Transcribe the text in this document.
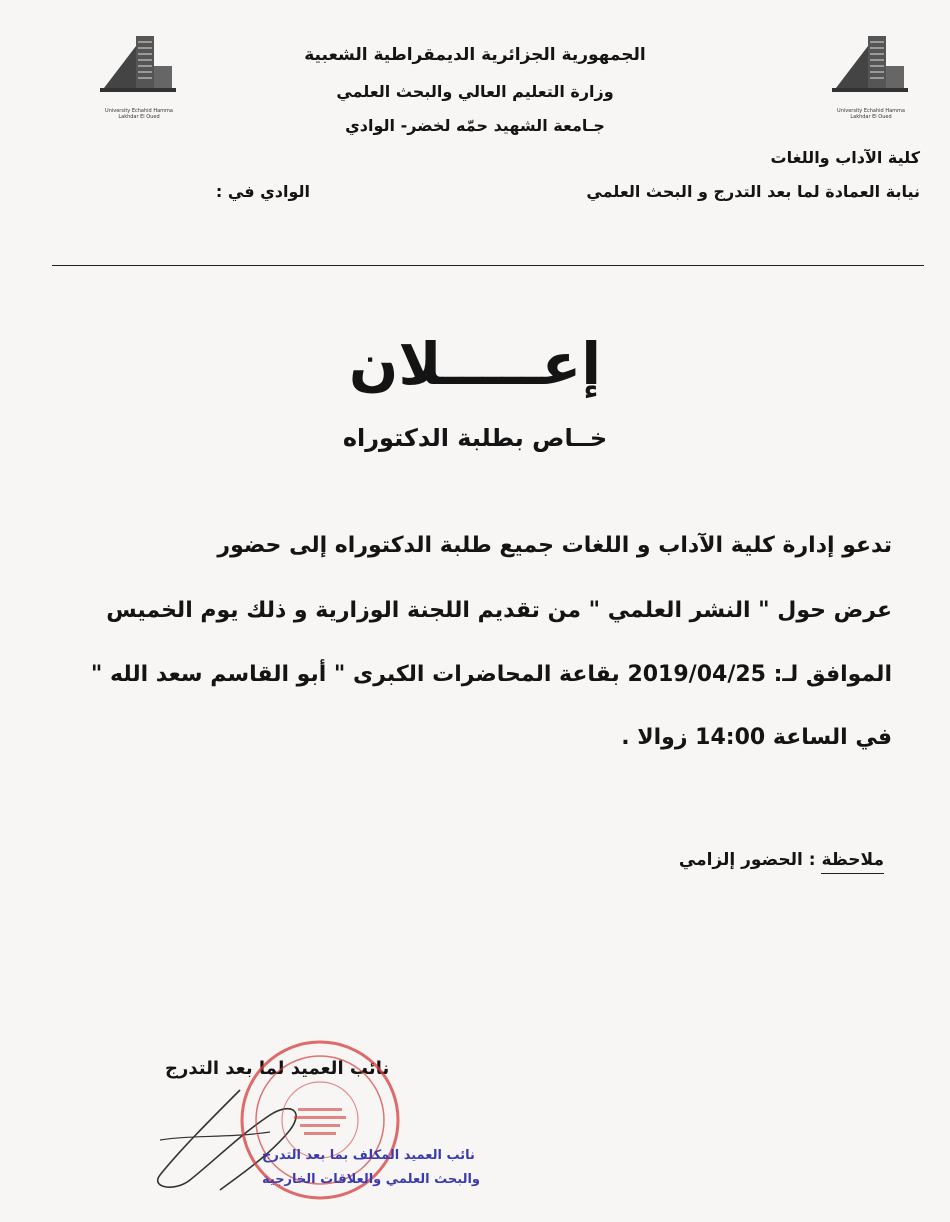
University Echahid Hamma Lakhdar El Oued
University Echahid Hamma Lakhdar El Oued
الجمهورية الجزائرية الديمقراطية الشعبية
وزارة التعليم العالي والبحث العلمي
جـامعة الشهيد حمّه لخضر- الوادي
كلية الآداب واللغات
نيابة العمادة لما بعد التدرج و البحث العلمي
الوادي في :
إعـــــلان
خــاص بطلبة الدكتوراه
تدعو إدارة كلية الآداب و اللغات جميع طلبة الدكتوراه إلى حضور
عرض حول " النشر العلمي " من تقديم اللجنة الوزارية و ذلك يوم الخميس
الموافق لـ: 2019/04/25 بقاعة المحاضرات الكبرى " أبو القاسم سعد الله "
في الساعة 14:00 زوالا .
ملاحظة : الحضور إلزامي
نائب العميد لما بعد التدرج
نائب العميد المكلف بما بعد التدرج
والبحث العلمي والعلاقات الخارجية
